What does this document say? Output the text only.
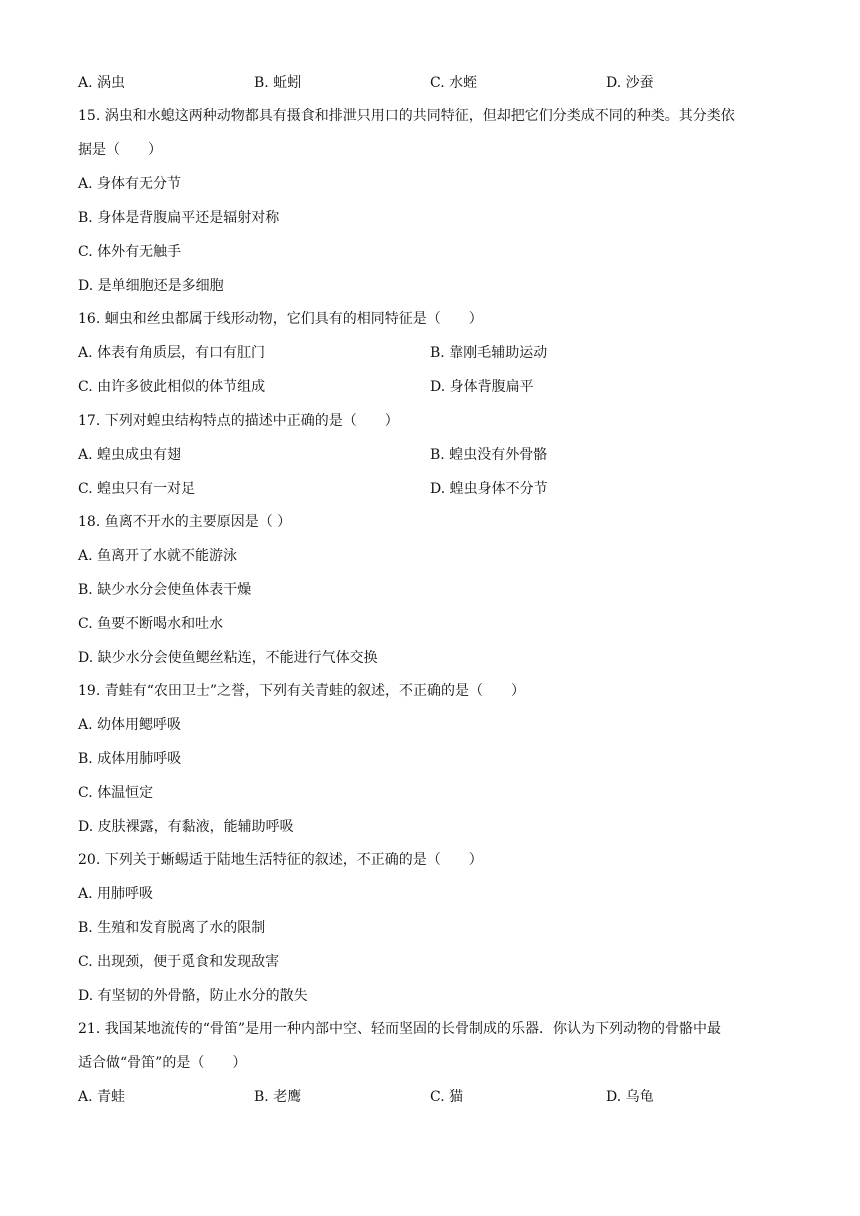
A. 涡虫	B. 蚯蚓	C. 水蛭	D. 沙蚕
15. 涡虫和水螅这两种动物都具有摄食和排泄只用口的共同特征，但却把它们分类成不同的种类。其分类依
据是（　　）
A. 身体有无分节
B. 身体是背腹扁平还是辐射对称
C. 体外有无触手
D. 是单细胞还是多细胞
16. 蛔虫和丝虫都属于线形动物，它们具有的相同特征是（　　）
A. 体表有角质层，有口有肛门	B. 靠刚毛辅助运动
C. 由许多彼此相似的体节组成	D. 身体背腹扁平
17. 下列对蝗虫结构特点的描述中正确的是（　　）
A. 蝗虫成虫有翅	B. 蝗虫没有外骨骼
C. 蝗虫只有一对足	D. 蝗虫身体不分节
18. 鱼离不开水的主要原因是（ ）
A. 鱼离开了水就不能游泳
B. 缺少水分会使鱼体表干燥
C. 鱼要不断喝水和吐水
D. 缺少水分会使鱼鳃丝粘连，不能进行气体交换
19. 青蛙有“农田卫士”之誉，下列有关青蛙的叙述，不正确的是（　　）
A. 幼体用鳃呼吸
B. 成体用肺呼吸
C. 体温恒定
D. 皮肤裸露，有黏液，能辅助呼吸
20. 下列关于蜥蜴适于陆地生活特征的叙述，不正确的是（　　）
A. 用肺呼吸
B. 生殖和发育脱离了水的限制
C. 出现颈，便于觅食和发现敌害
D. 有坚韧的外骨骼，防止水分的散失
21. 我国某地流传的“骨笛”是用一种内部中空、轻而坚固的长骨制成的乐器．你认为下列动物的骨骼中最
适合做“骨笛”的是（　　）
A. 青蛙	B. 老鹰	C. 猫	D. 乌龟
